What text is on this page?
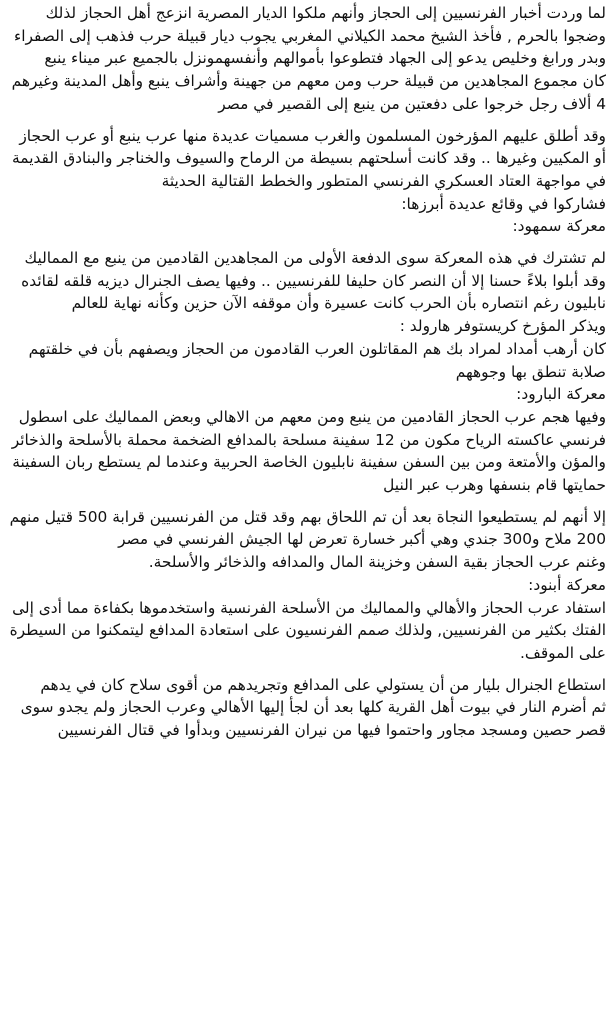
لما وردت أخبار الفرنسيين إلى الحجاز وأنهم ملكوا الديار المصرية انزعج أهل الحجاز لذلك وضجوا بالحرم , فأخذ الشيخ محمد الكيلاني المغربي يجوب ديار قبيلة حرب فذهب إلى الصفراء وبدر ورابغ وخليص يدعو إلى الجهاد فتطوعوا بأموالهم وأنفسهمونزل بالجميع عبر ميناء ينبع

كان مجموع المجاهدين من قبيلة حرب ومن معهم من جهينة وأشراف ينبع وأهل المدينة وغيرهم 4 ألاف رجل خرجوا على دفعتين من ينبع إلى القصير في مصر

وقد أطلق عليهم المؤرخون المسلمون والغرب مسميات عديدة منها عرب ينبع أو عرب الحجاز أو المكيين وغيرها .. وقد كانت أسلحتهم بسيطة من الرماح والسيوف والخناجر والبنادق القديمة في مواجهة العتاد العسكري الفرنسي المتطور والخطط القتالية الحديثة

فشاركوا في وقائع عديدة أبرزها:

معركة سمهود:

لم تشترك في هذه المعركة سوى الدفعة الأولى من المجاهدين القادمين من ينبع مع المماليك وقد أبلوا بلاءً حسنا إلا أن النصر كان حليفا للفرنسيين .. وفيها يصف الجنرال ديزيه قلقه لقائده نابليون رغم انتصاره بأن الحرب كانت عسيرة وأن موقفه الآن حزين وكأنه نهاية للعالم

ويذكر المؤرخ كريستوفر هارولد :

كان أرهب أمداد لمراد بك هم المقاتلون العرب القادمون من الحجاز ويصفهم بأن في خلقتهم صلابة تنطق بها وجوههم

معركة البارود:

وفيها هجم عرب الحجاز القادمين من ينبع ومن معهم من الاهالي وبعض المماليك على اسطول فرنسي عاكسته الرياح مكون من 12 سفينة مسلحة بالمدافع الضخمة محملة بالأسلحة والذخائر والمؤن والأمتعة ومن بين السفن سفينة نابليون الخاصة الحربية وعندما لم يستطع ربان السفينة حمايتها قام بنسفها وهرب عبر النيل

إلا أنهم لم يستطيعوا النجاة بعد أن تم اللحاق بهم وقد قتل من الفرنسيين قرابة 500 قتيل منهم 200 ملاح و300 جندي وهي أكبر خسارة تعرض لها الجيش الفرنسي في مصر

وغنم عرب الحجاز بقية السفن وخزينة المال والمدافه والذخائر والأسلحة.

معركة أبنود:

استفاد عرب الحجاز والأهالي والمماليك من الأسلحة الفرنسية واستخدموها بكفاءة مما أدى إلى الفتك بكثير من الفرنسيين, ولذلك صمم الفرنسيون على استعادة المدافع ليتمكنوا من السيطرة على الموقف.

استطاع الجنرال بليار من أن يستولي على المدافع وتجريدهم من أقوى سلاح كان في يدهم

ثم أضرم النار في بيوت أهل القرية كلها بعد أن لجأ إليها الأهالي وعرب الحجاز ولم يجدو سوى قصر حصين ومسجد مجاور واحتموا فيها من نيران الفرنسيين وبدأوا في قتال الفرنسيين
